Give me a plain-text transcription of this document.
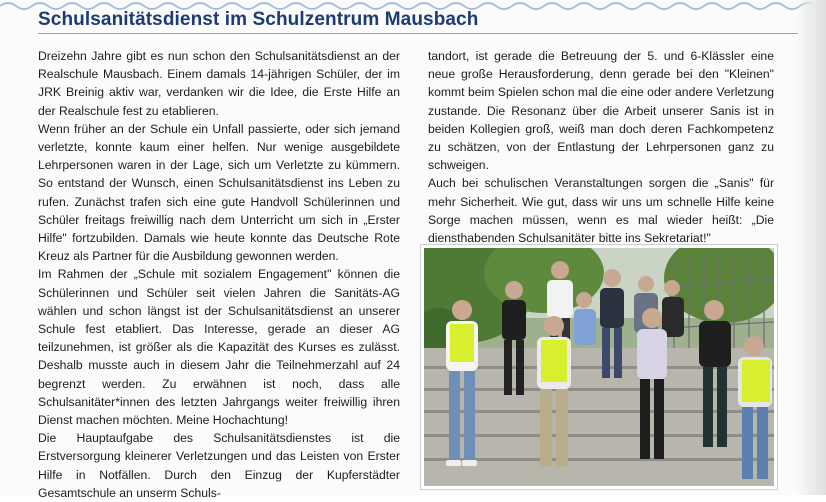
Schulsanitätsdienst im Schulzentrum Mausbach

Dreizehn Jahre gibt es nun schon den Schulsanitätsdienst an der Realschule Mausbach. Einem damals 14-jährigen Schüler, der im JRK Breinig aktiv war, verdanken wir die Idee, die Erste Hilfe an der Realschule fest zu etablieren.

Wenn früher an der Schule ein Unfall passierte, oder sich jemand verletzte, konnte kaum einer helfen. Nur wenige ausgebildete Lehrpersonen waren in der Lage, sich um Verletzte zu kümmern. So entstand der Wunsch, einen Schulsanitätsdienst ins Leben zu rufen. Zunächst trafen sich eine gute Handvoll Schülerinnen und Schüler freitags freiwillig nach dem Unterricht um sich in „Erster Hilfe" fortzubilden. Damals wie heute konnte das Deutsche Rote Kreuz als Partner für die Ausbildung gewonnen werden.

Im Rahmen der „Schule mit sozialem Engagement" können die Schülerinnen und Schüler seit vielen Jahren die Sanitäts-AG wählen und schon längst ist der Schulsanitätsdienst an unserer Schule fest etabliert. Das Interesse, gerade an dieser AG teilzunehmen, ist größer als die Kapazität des Kurses es zulässt. Deshalb musste auch in diesem Jahr die Teilnehmerzahl auf 24 begrenzt werden. Zu erwähnen ist noch, dass alle Schulsanitäter*innen des letzten Jahrgangs weiter freiwillig ihren Dienst machen möchten. Meine Hochachtung!

Die Hauptaufgabe des Schulsanitätsdienstes ist die Erstversorgung kleinerer Verletzungen und das Leisten von Erster Hilfe in Notfällen. Durch den Einzug der Kupferstädter Gesamtschule an unserm Schuls-

tandort, ist gerade die Betreuung der 5. und 6-Klässler eine neue große Herausforderung, denn gerade bei den "Kleinen" kommt beim Spielen schon mal die eine oder andere Verletzung zustande. Die Resonanz über die Arbeit unserer Sanis ist in beiden Kollegien groß, weiß man doch deren Fachkompetenz zu schätzen, von der Entlastung der Lehrpersonen ganz zu schweigen.

Auch bei schulischen Veranstaltungen sorgen die „Sanis" für mehr Sicherheit. Wie gut, dass wir uns um schnelle Hilfe keine Sorge machen müssen, wenn es mal wieder heißt: „Die diensthabenden Schulsanitäter bitte ins Sekretariat!"
